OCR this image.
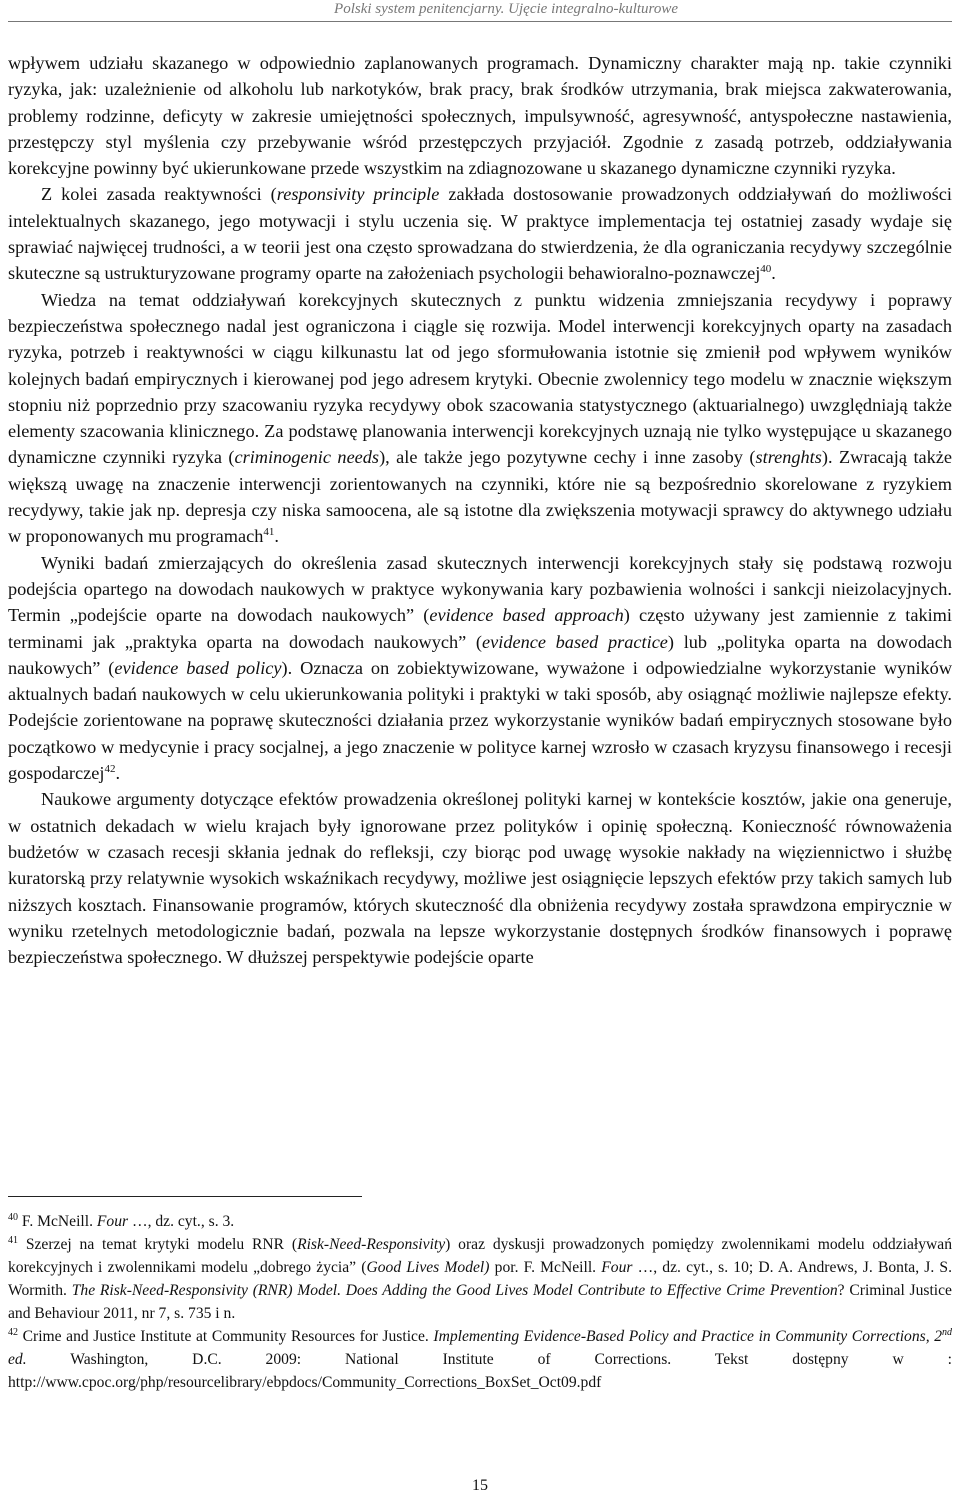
Polski system penitencjarny. Ujęcie integralno-kulturowe

wpływem udziału skazanego w odpowiednio zaplanowanych programach. Dynamiczny charakter mają np. takie czynniki ryzyka, jak: uzależnienie od alkoholu lub narkotyków, brak pracy, brak środków utrzymania, brak miejsca zakwaterowania, problemy rodzinne, deficyty w zakresie umiejętności społecznych, impulsywność, agresywność, antyspołeczne nastawienia, przestępczy styl myślenia czy przebywanie wśród przestępczych przyjaciół. Zgodnie z zasadą potrzeb, oddziaływania korekcyjne powinny być ukierunkowane przede wszystkim na zdiagnozowane u skazanego dynamiczne czynniki ryzyka.

Z kolei zasada reaktywności (responsivity principle zakłada dostosowanie prowadzonych oddziaływań do możliwości intelektualnych skazanego, jego motywacji i stylu uczenia się. W praktyce implementacja tej ostatniej zasady wydaje się sprawiać najwięcej trudności, a w teorii jest ona często sprowadzana do stwierdzenia, że dla ograniczania recydywy szczególnie skuteczne są ustrukturyzowane programy oparte na założeniach psychologii behawioralno-poznawczej$^{40}$.

Wiedza na temat oddziaływań korekcyjnych skutecznych z punktu widzenia zmniejszania recydywy i poprawy bezpieczeństwa społecznego nadal jest ograniczona i ciągle się rozwija. Model interwencji korekcyjnych oparty na zasadach ryzyka, potrzeb i reaktywności w ciągu kilkunastu lat od jego sformułowania istotnie się zmienił pod wpływem wyników kolejnych badań empirycznych i kierowanej pod jego adresem krytyki. Obecnie zwolennicy tego modelu w znacznie większym stopniu niż poprzednio przy szacowaniu ryzyka recydywy obok szacowania statystycznego (aktuarialnego) uwzględniają także elementy szacowania klinicznego. Za podstawę planowania interwencji korekcyjnych uznają nie tylko występujące u skazanego dynamiczne czynniki ryzyka (criminogenic needs), ale także jego pozytywne cechy i inne zasoby (strenghts). Zwracają także większą uwagę na znaczenie interwencji zorientowanych na czynniki, które nie są bezpośrednio skorelowane z ryzykiem recydywy, takie jak np. depresja czy niska samoocena, ale są istotne dla zwiększenia motywacji sprawcy do aktywnego udziału w proponowanych mu programach$^{41}$.

Wyniki badań zmierzających do określenia zasad skutecznych interwencji korekcyjnych stały się podstawą rozwoju podejścia opartego na dowodach naukowych w praktyce wykonywania kary pozbawienia wolności i sankcji nieizolacyjnych. Termin „podejście oparte na dowodach naukowych” (evidence based approach) często używany jest zamiennie z takimi terminami jak „praktyka oparta na dowodach naukowych” (evidence based practice) lub „polityka oparta na dowodach naukowych” (evidence based policy). Oznacza on zobiektywizowane, wyważone i odpowiedzialne wykorzystanie wyników aktualnych badań naukowych w celu ukierunkowania polityki i praktyki w taki sposób, aby osiągnąć możliwie najlepsze efekty. Podejście zorientowane na poprawę skuteczności działania przez wykorzystanie wyników badań empirycznych stosowane było początkowo w medycynie i pracy socjalnej, a jego znaczenie w polityce karnej wzrosło w czasach kryzysu finansowego i recesji gospodarczej$^{42}$.

Naukowe argumenty dotyczące efektów prowadzenia określonej polityki karnej w kontekście kosztów, jakie ona generuje, w ostatnich dekadach w wielu krajach były ignorowane przez polityków i opinię społeczną. Konieczność równoważenia budżetów w czasach recesji skłania jednak do refleksji, czy biorąc pod uwagę wysokie nakłady na więziennictwo i służbę kuratorską przy relatywnie wysokich wskaźnikach recydywy, możliwe jest osiągnięcie lepszych efektów przy takich samych lub niższych kosztach. Finansowanie programów, których skuteczność dla obniżenia recydywy została sprawdzona empirycznie w wyniku rzetelnych metodologicznie badań, pozwala na lepsze wykorzystanie dostępnych środków finansowych i poprawę bezpieczeństwa społecznego. W dłuższej perspektywie podejście oparte

$^{40}$ F. McNeill. Four …, dz. cyt., s. 3.

$^{41}$ Szerzej na temat krytyki modelu RNR (Risk-Need-Responsivity) oraz dyskusji prowadzonych pomiędzy zwolennikami modelu oddziaływań korekcyjnych i zwolennikami modelu „dobrego życia” (Good Lives Model) por. F. McNeill. Four …, dz. cyt., s. 10; D. A. Andrews, J. Bonta, J. S. Wormith. The Risk-Need-Responsivity (RNR) Model. Does Adding the Good Lives Model Contribute to Effective Crime Prevention? Criminal Justice and Behaviour 2011, nr 7, s. 735 i n.

$^{42}$ Crime and Justice Institute at Community Resources for Justice. Implementing Evidence-Based Policy and Practice in Community Corrections, 2nd ed. Washington, D.C. 2009: National Institute of Corrections. Tekst dostępny w : http://www.cpoc.org/php/resourcelibrary/ebpdocs/Community_Corrections_BoxSet_Oct09.pdf

15
